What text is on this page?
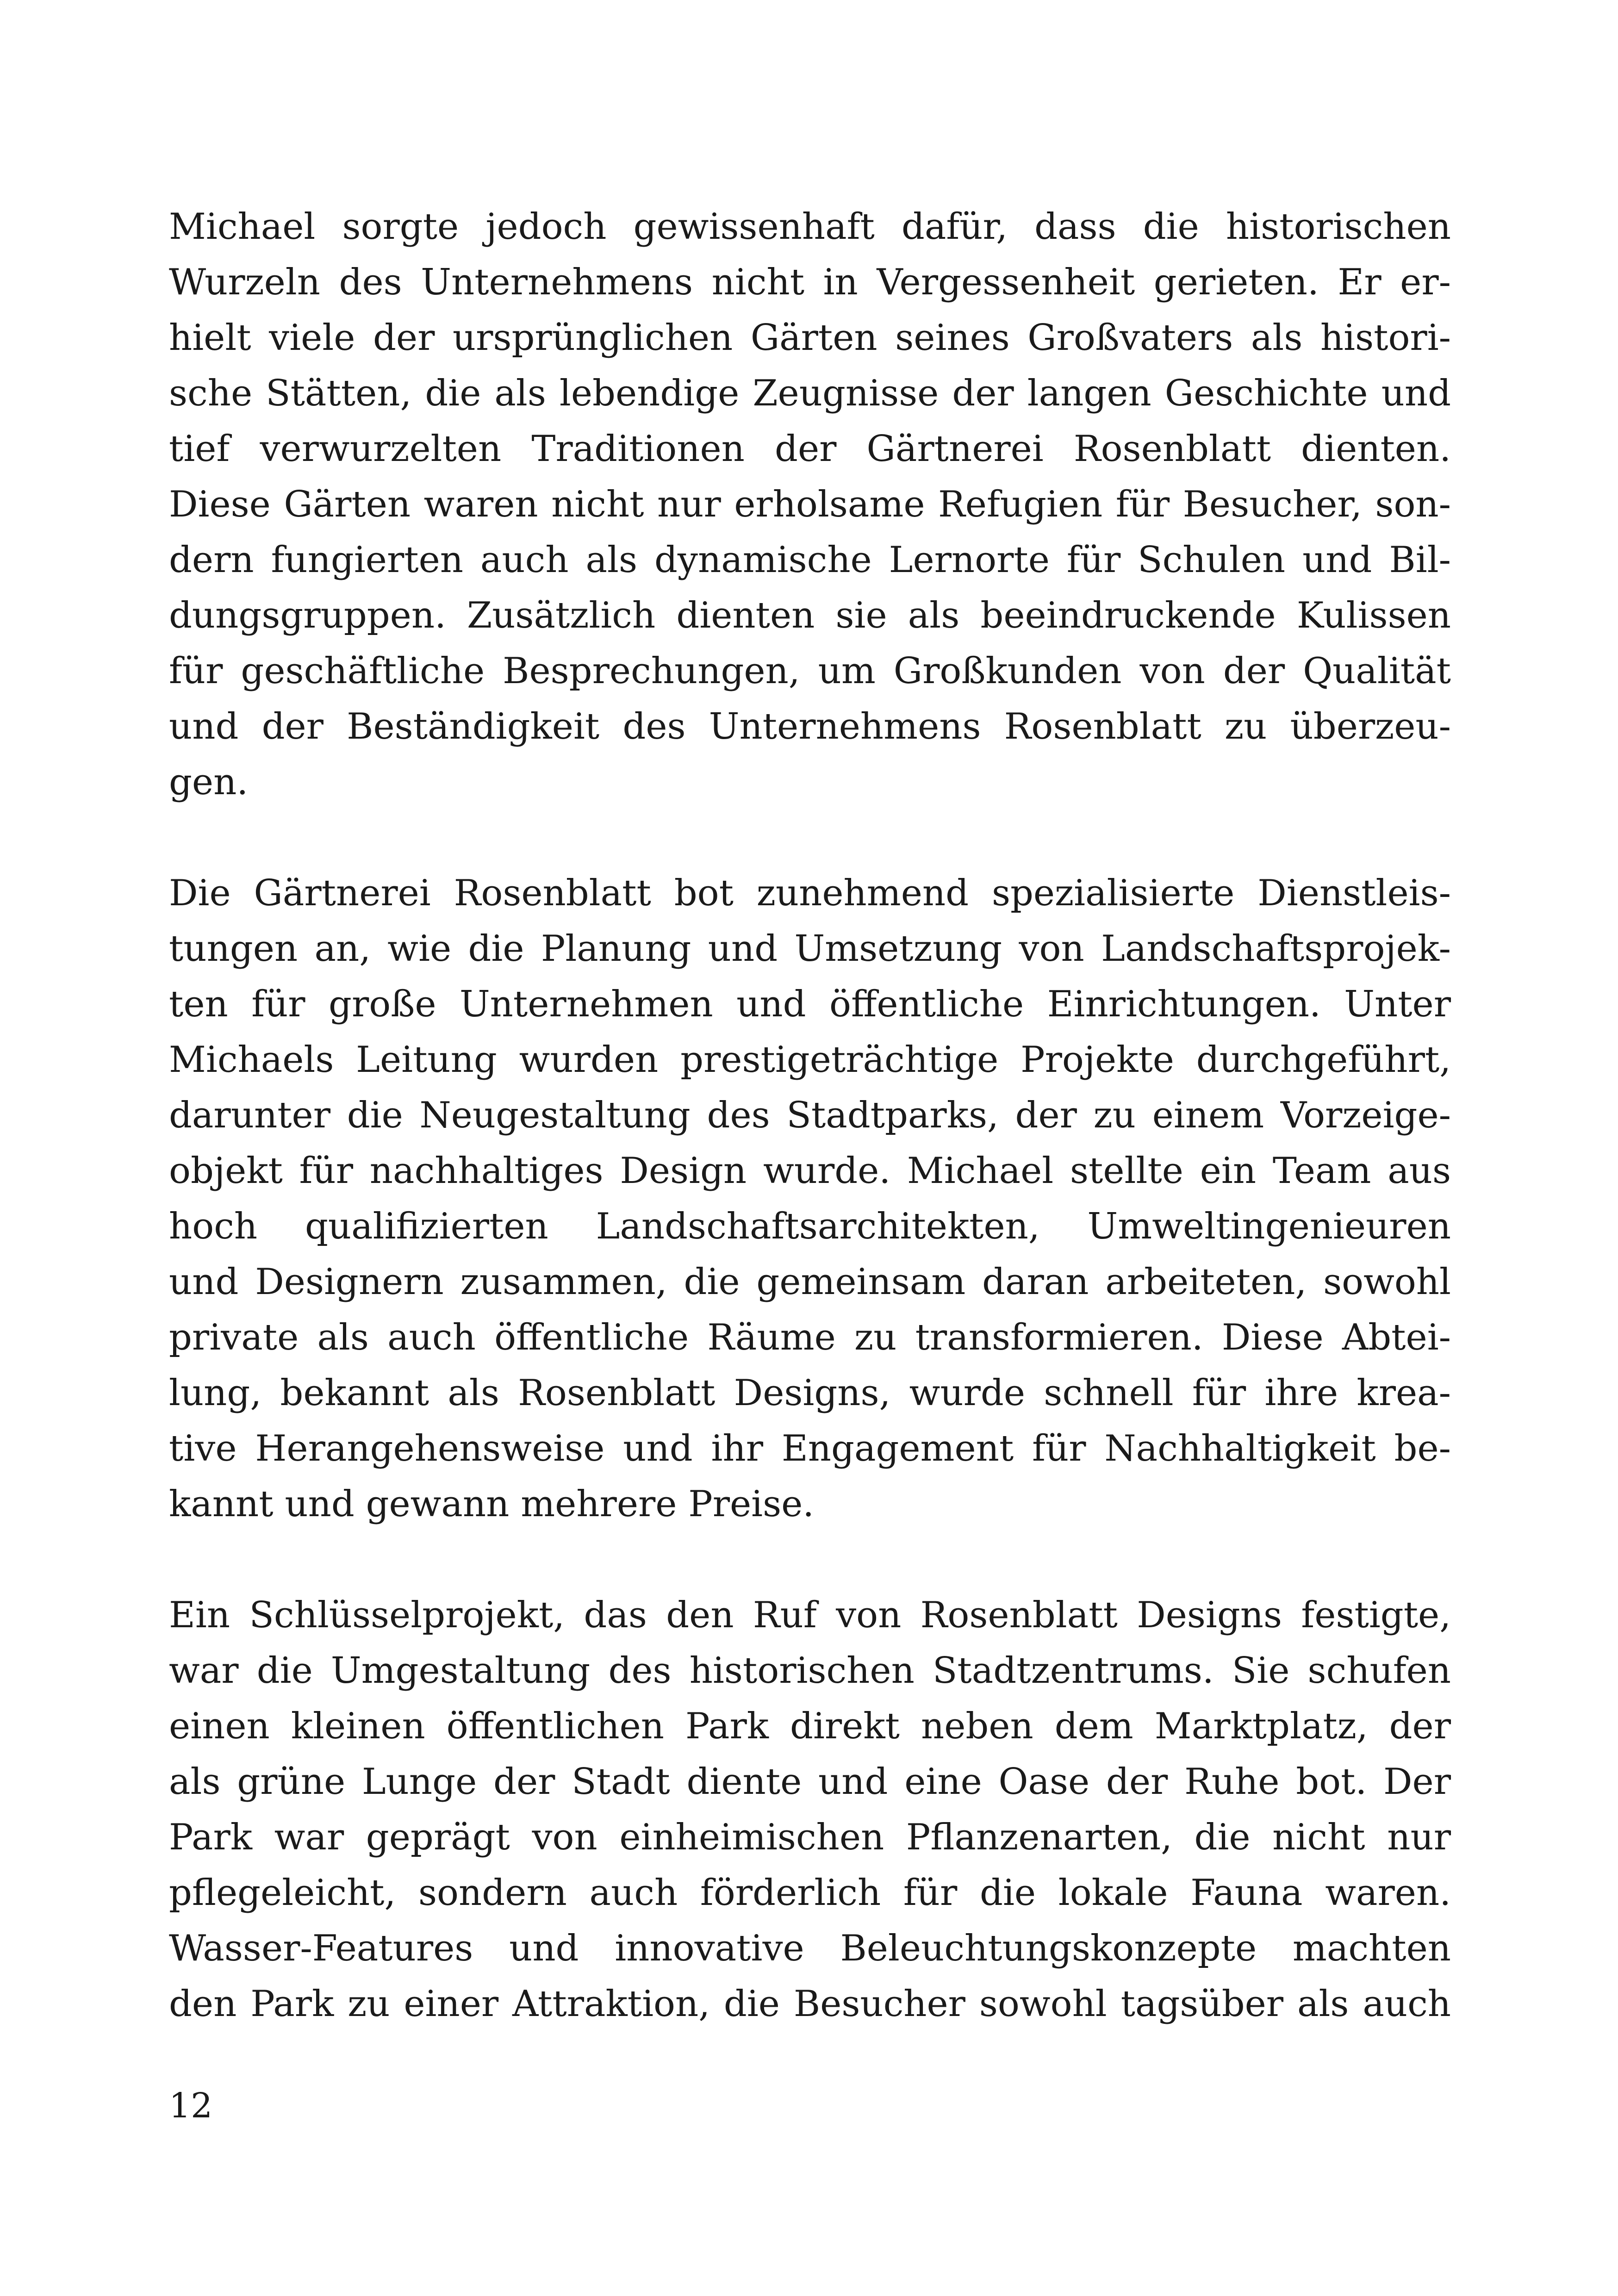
Michael sorgte jedoch gewissenhaft dafür, dass die historischen
Wurzeln des Unternehmens nicht in Vergessenheit gerieten. Er er-
hielt viele der ursprünglichen Gärten seines Großvaters als histori-
sche Stätten, die als lebendige Zeugnisse der langen Geschichte und
tief verwurzelten Traditionen der Gärtnerei Rosenblatt dienten.
Diese Gärten waren nicht nur erholsame Refugien für Besucher, son-
dern fungierten auch als dynamische Lernorte für Schulen und Bil-
dungsgruppen. Zusätzlich dienten sie als beeindruckende Kulissen
für geschäftliche Besprechungen, um Großkunden von der Qualität
und der Beständigkeit des Unternehmens Rosenblatt zu überzeu-
gen.
Die Gärtnerei Rosenblatt bot zunehmend spezialisierte Dienstleis-
tungen an, wie die Planung und Umsetzung von Landschaftsprojek-
ten für große Unternehmen und öffentliche Einrichtungen. Unter
Michaels Leitung wurden prestigeträchtige Projekte durchgeführt,
darunter die Neugestaltung des Stadtparks, der zu einem Vorzeige-
objekt für nachhaltiges Design wurde. Michael stellte ein Team aus
hoch qualifizierten Landschaftsarchitekten, Umweltingenieuren
und Designern zusammen, die gemeinsam daran arbeiteten, sowohl
private als auch öffentliche Räume zu transformieren. Diese Abtei-
lung, bekannt als Rosenblatt Designs, wurde schnell für ihre krea-
tive Herangehensweise und ihr Engagement für Nachhaltigkeit be-
kannt und gewann mehrere Preise.
Ein Schlüsselprojekt, das den Ruf von Rosenblatt Designs festigte,
war die Umgestaltung des historischen Stadtzentrums. Sie schufen
einen kleinen öffentlichen Park direkt neben dem Marktplatz, der
als grüne Lunge der Stadt diente und eine Oase der Ruhe bot. Der
Park war geprägt von einheimischen Pflanzenarten, die nicht nur
pflegeleicht, sondern auch förderlich für die lokale Fauna waren.
Wasser-Features und innovative Beleuchtungskonzepte machten
den Park zu einer Attraktion, die Besucher sowohl tagsüber als auch
12
